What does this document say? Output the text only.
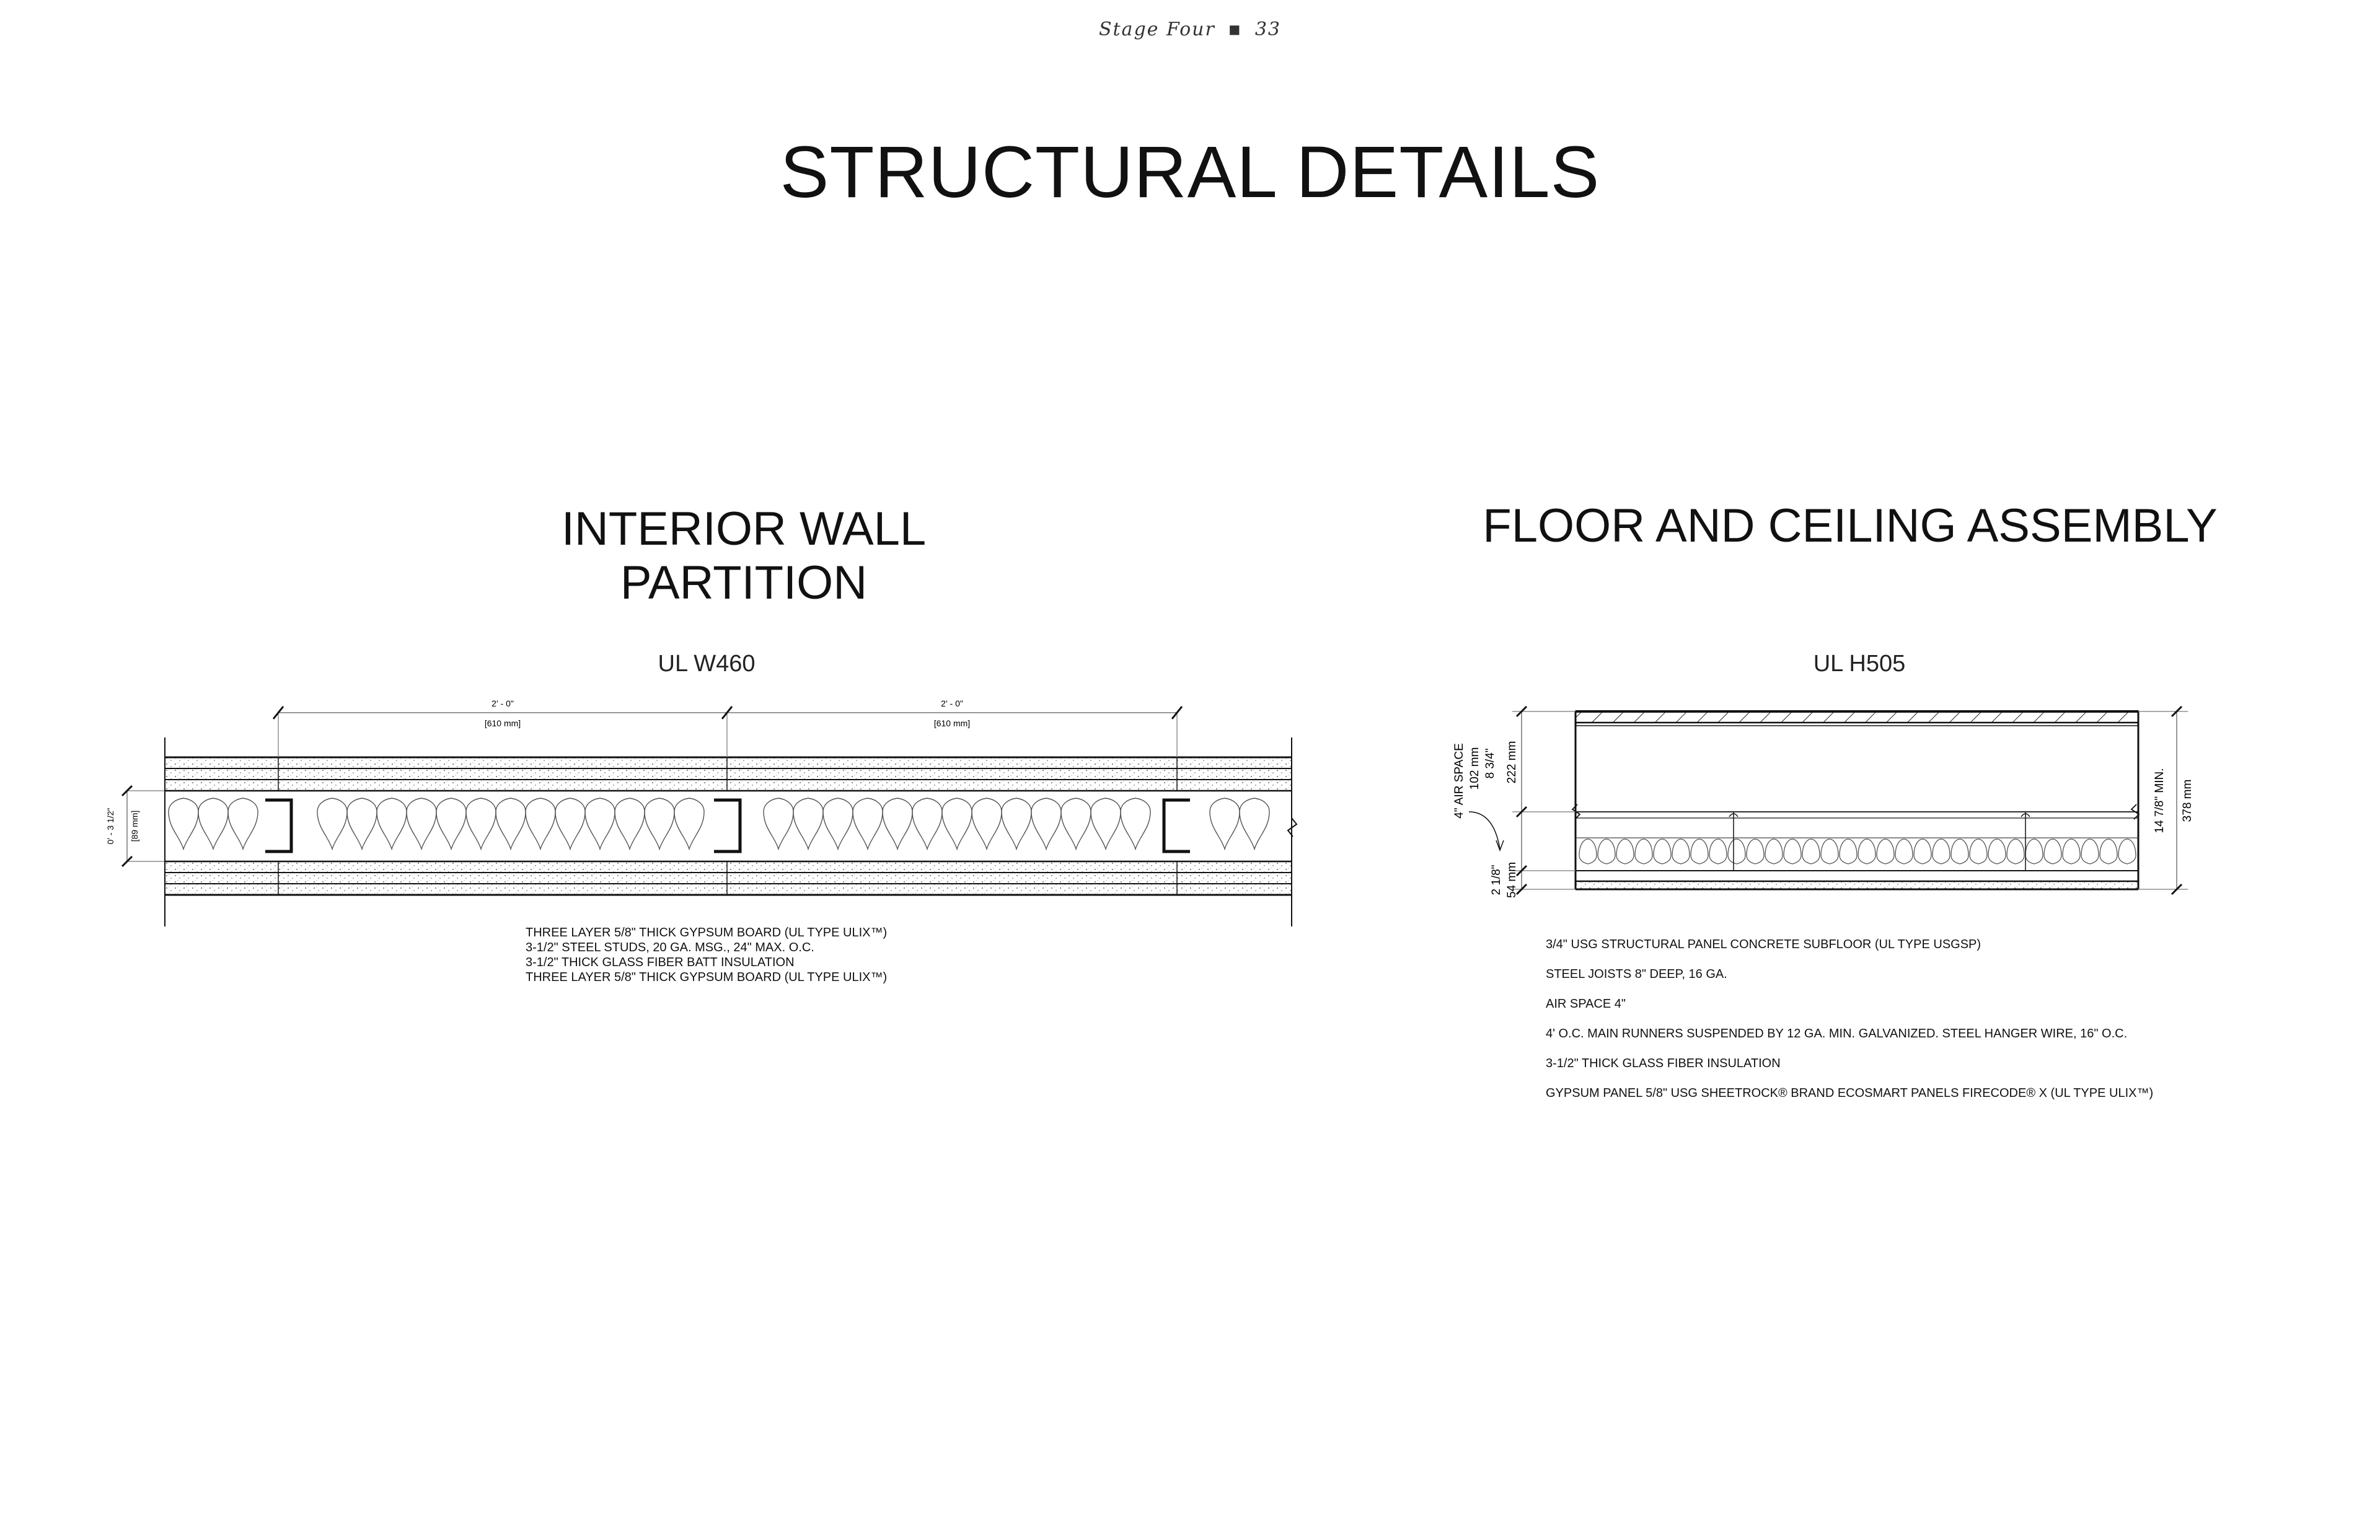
Stage Four ■ 33
STRUCTURAL DETAILS
INTERIOR WALL PARTITION
FLOOR AND CEILING ASSEMBLY
UL W460	UL H505
2' - 0"
[610 mm]
2' - 0"
[610 mm]
0' - 3 1/2" [89 mm]
4" AIR SPACE 102 mm 8 3/4" 222 mm
2 1/8" 54 mm
14 7/8" MIN. 378 mm
THREE LAYER 5/8" THICK GYPSUM BOARD (UL TYPE ULIX™)
3-1/2" STEEL STUDS, 20 GA. MSG., 24" MAX. O.C.
3-1/2" THICK GLASS FIBER BATT INSULATION
THREE LAYER 5/8" THICK GYPSUM BOARD (UL TYPE ULIX™)
3/4" USG STRUCTURAL PANEL CONCRETE SUBFLOOR (UL TYPE USGSP)
STEEL JOISTS 8" DEEP, 16 GA.
AIR SPACE 4"
4' O.C. MAIN RUNNERS SUSPENDED BY 12 GA. MIN. GALVANIZED. STEEL HANGER WIRE, 16" O.C.
3-1/2" THICK GLASS FIBER INSULATION
GYPSUM PANEL 5/8" USG SHEETROCK® BRAND ECOSMART PANELS FIRECODE® X (UL TYPE ULIX™)
